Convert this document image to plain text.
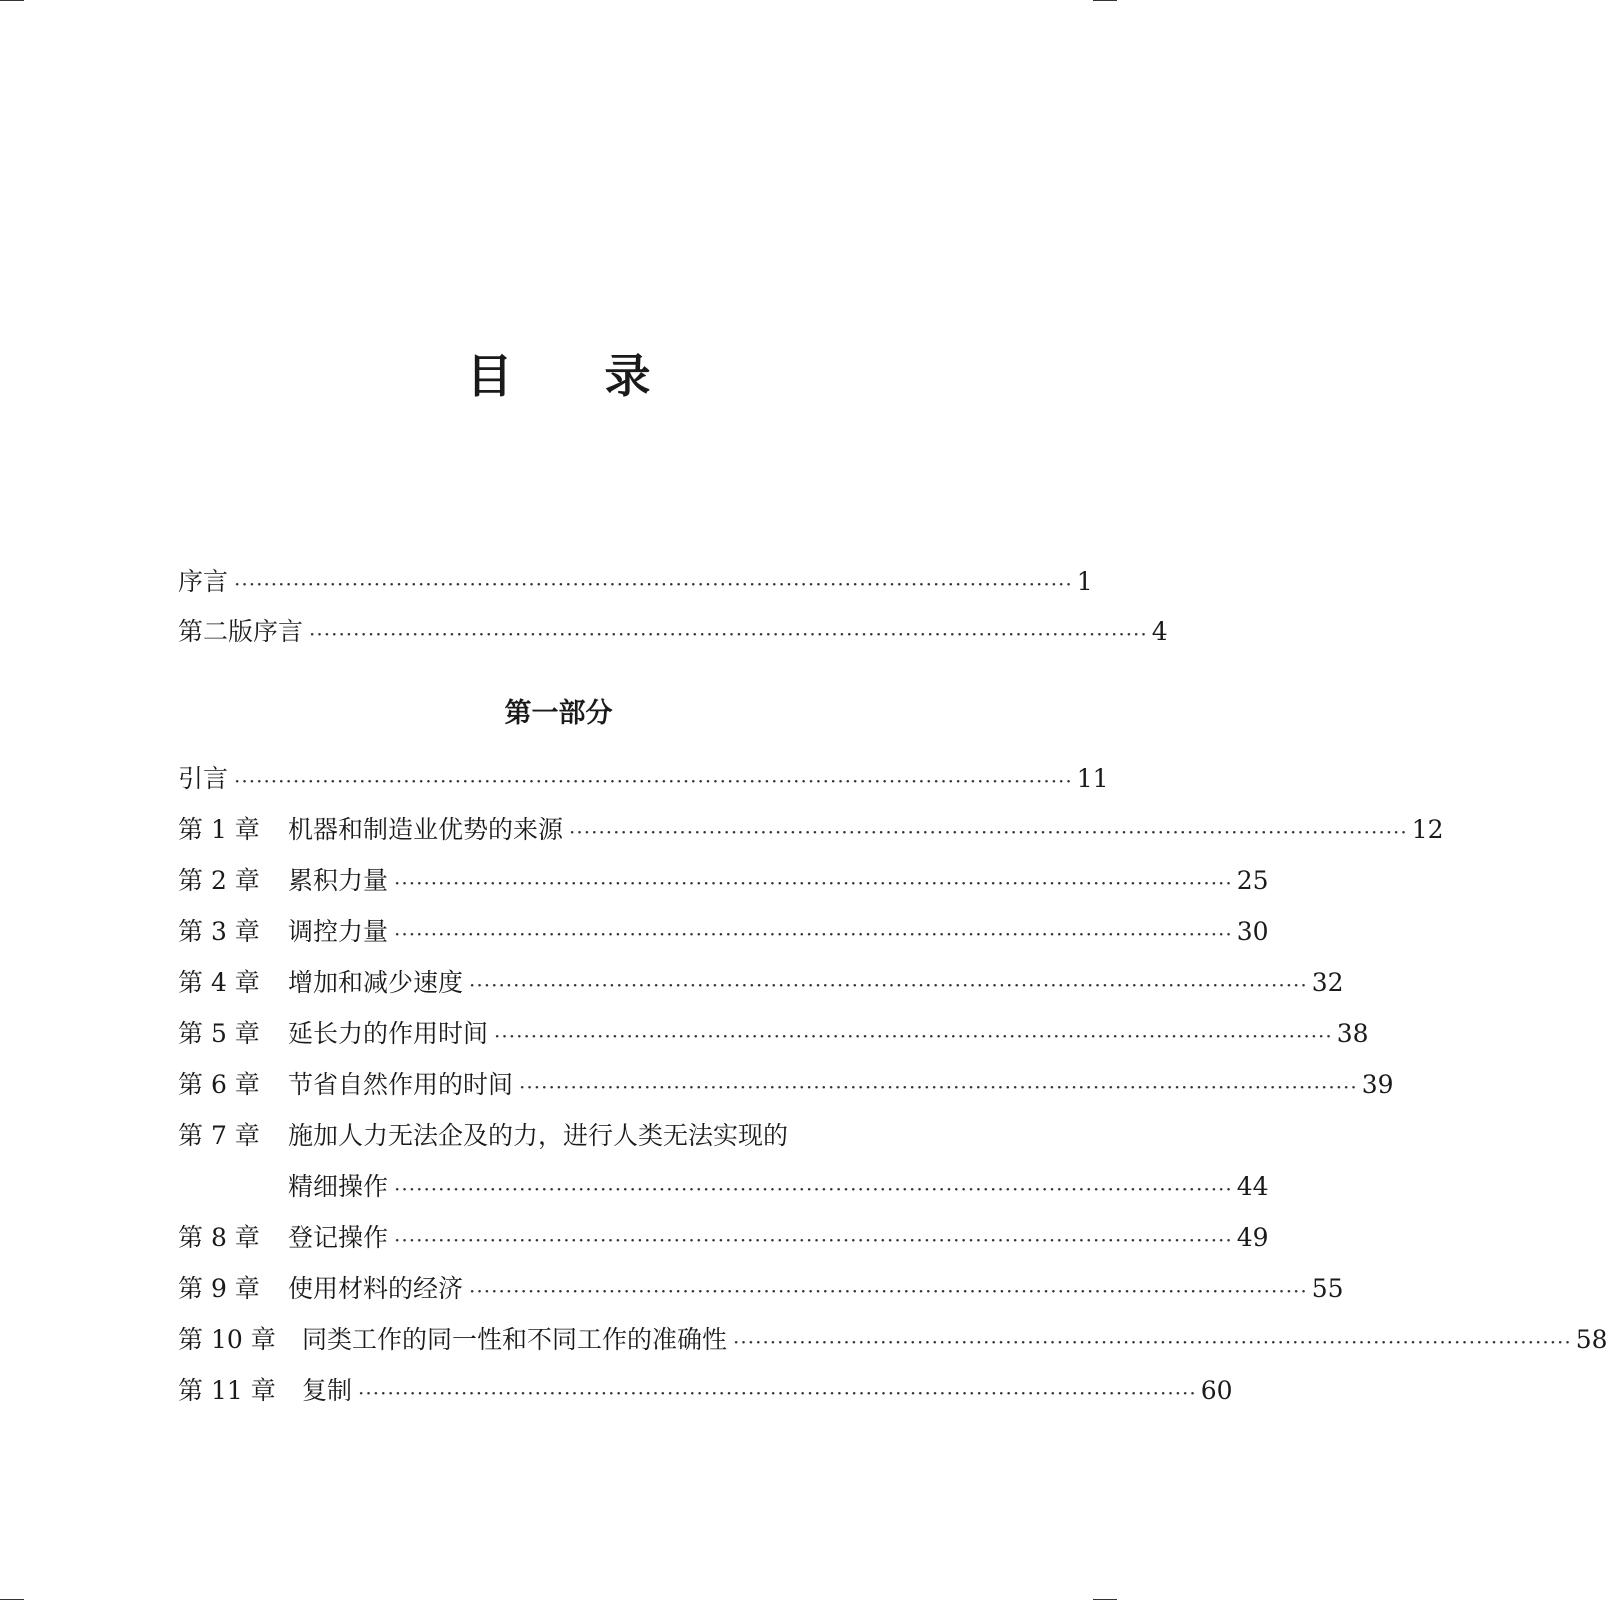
目 录
序言 ·················································································································· 1
第二版序言 ·················································································································· 4
第一部分
引言 ·················································································································· 11
第 1 章	机器和制造业优势的来源 ·················································································································· 12
第 2 章	累积力量 ·················································································································· 25
第 3 章	调控力量 ·················································································································· 30
第 4 章	增加和减少速度 ·················································································································· 32
第 5 章	延长力的作用时间 ·················································································································· 38
第 6 章	节省自然作用的时间 ·················································································································· 39
第 7 章	施加人力无法企及的力，进行人类无法实现的
精细操作 ·················································································································· 44
第 8 章	登记操作 ·················································································································· 49
第 9 章	使用材料的经济 ·················································································································· 55
第 10 章	同类工作的同一性和不同工作的准确性 ·················································································································· 58
第 11 章	复制 ·················································································································· 60
